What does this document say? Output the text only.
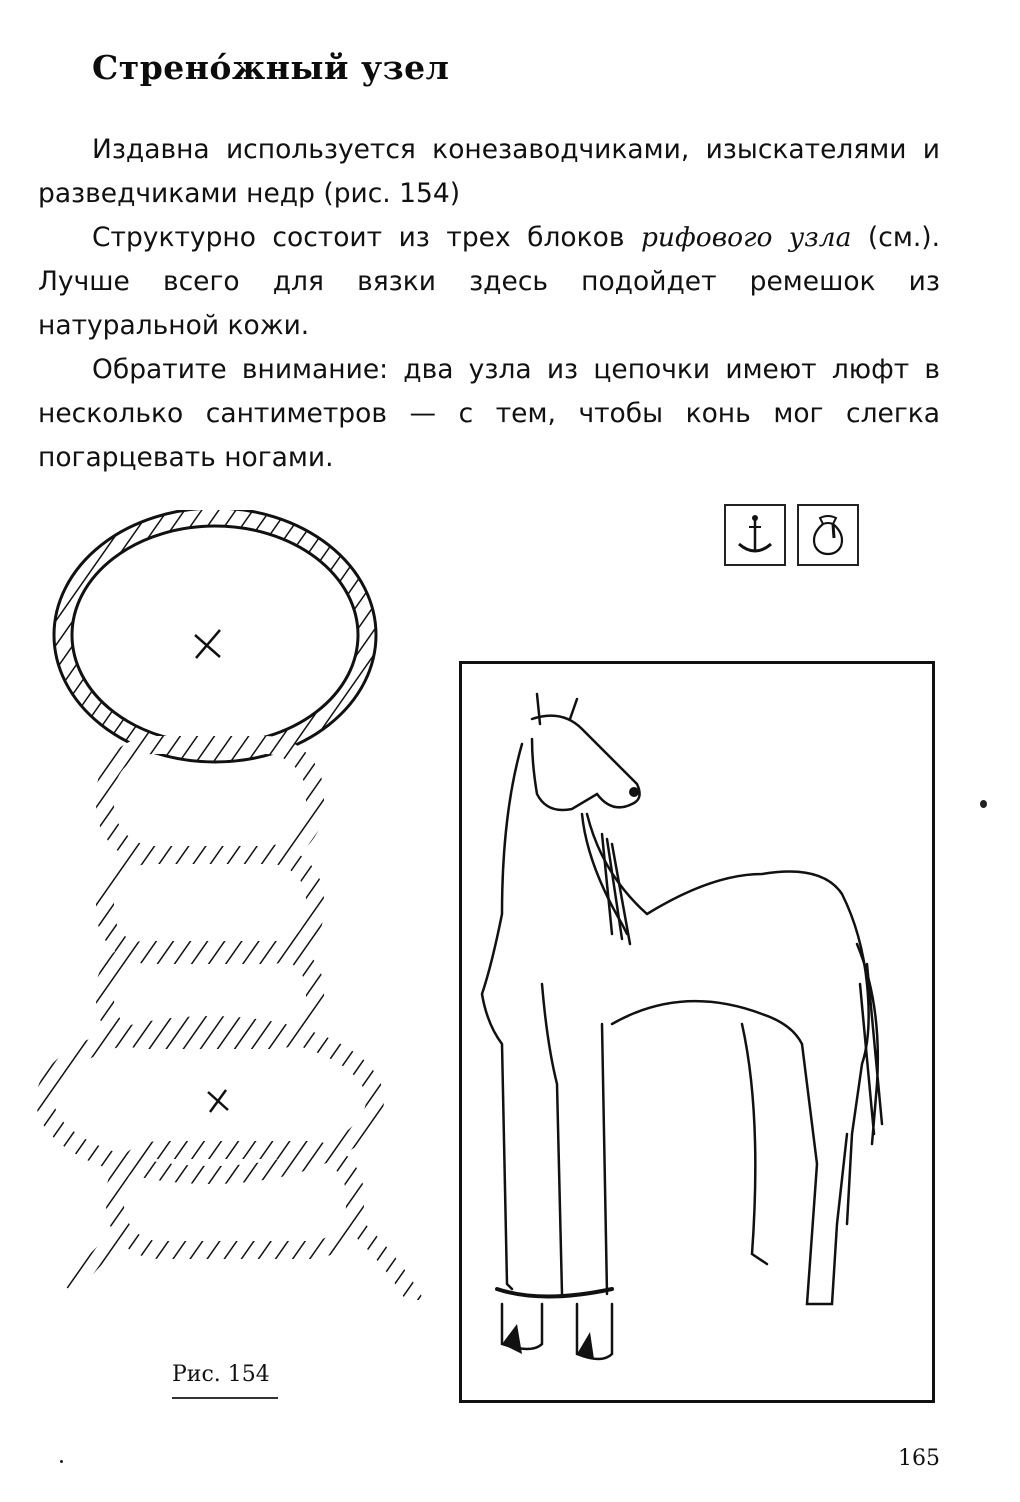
Стренóжный узел

Издавна используется конезаводчиками, изыскателями и разведчиками недр (рис. 154)

Структурно состоит из трех блоков рифового узла (см.). Лучше всего для вязки здесь подойдет ремешок из натуральной кожи.

Обратите внимание: два узла из цепочки имеют люфт в несколько сантиметров — с тем, чтобы конь мог слегка погарцевать ногами.

Рис. 154
165
